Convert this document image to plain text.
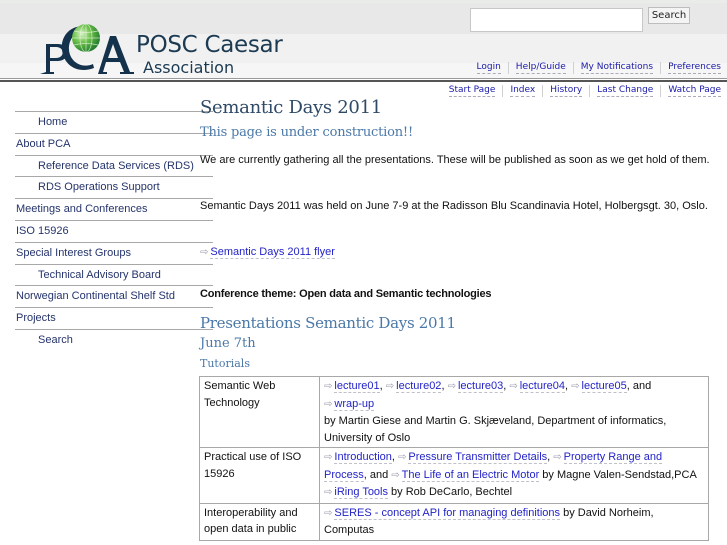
POSC Caesar
Association
Search
Login Help/Guide My Notifications Preferences
Start Page Index History Last Change Watch Page
Home
About PCA
Reference Data Services (RDS)
RDS Operations Support
Meetings and Conferences
ISO 15926
Special Interest Groups
Technical Advisory Board
Norwegian Continental Shelf Std
Projects
Search
Semantic Days 2011
This page is under construction!!
We are currently gathering all the presentations. These will be published as soon as we get hold of them.
Semantic Days 2011 was held on June 7-9 at the Radisson Blu Scandinavia Hotel, Holbergsgt. 30, Oslo.
⇨ Semantic Days 2011 flyer
Conference theme: Open data and Semantic technologies
Presentations Semantic Days 2011
June 7th
Tutorials
Semantic Web Technology	⇨ lecture01, ⇨ lecture02, ⇨ lecture03, ⇨ lecture04, ⇨ lecture05, and
⇨ wrap-up
by Martin Giese and Martin G. Skjæveland, Department of informatics, University of Oslo
Practical use of ISO 15926	⇨ Introduction, ⇨ Pressure Transmitter Details, ⇨ Property Range and Process, and ⇨ The Life of an Electric Motor by Magne Valen-Sendstad,PCA
⇨ iRing Tools by Rob DeCarlo, Bechtel
Interoperability and open data in public	⇨ SERES - concept API for managing definitions by David Norheim, Computas
